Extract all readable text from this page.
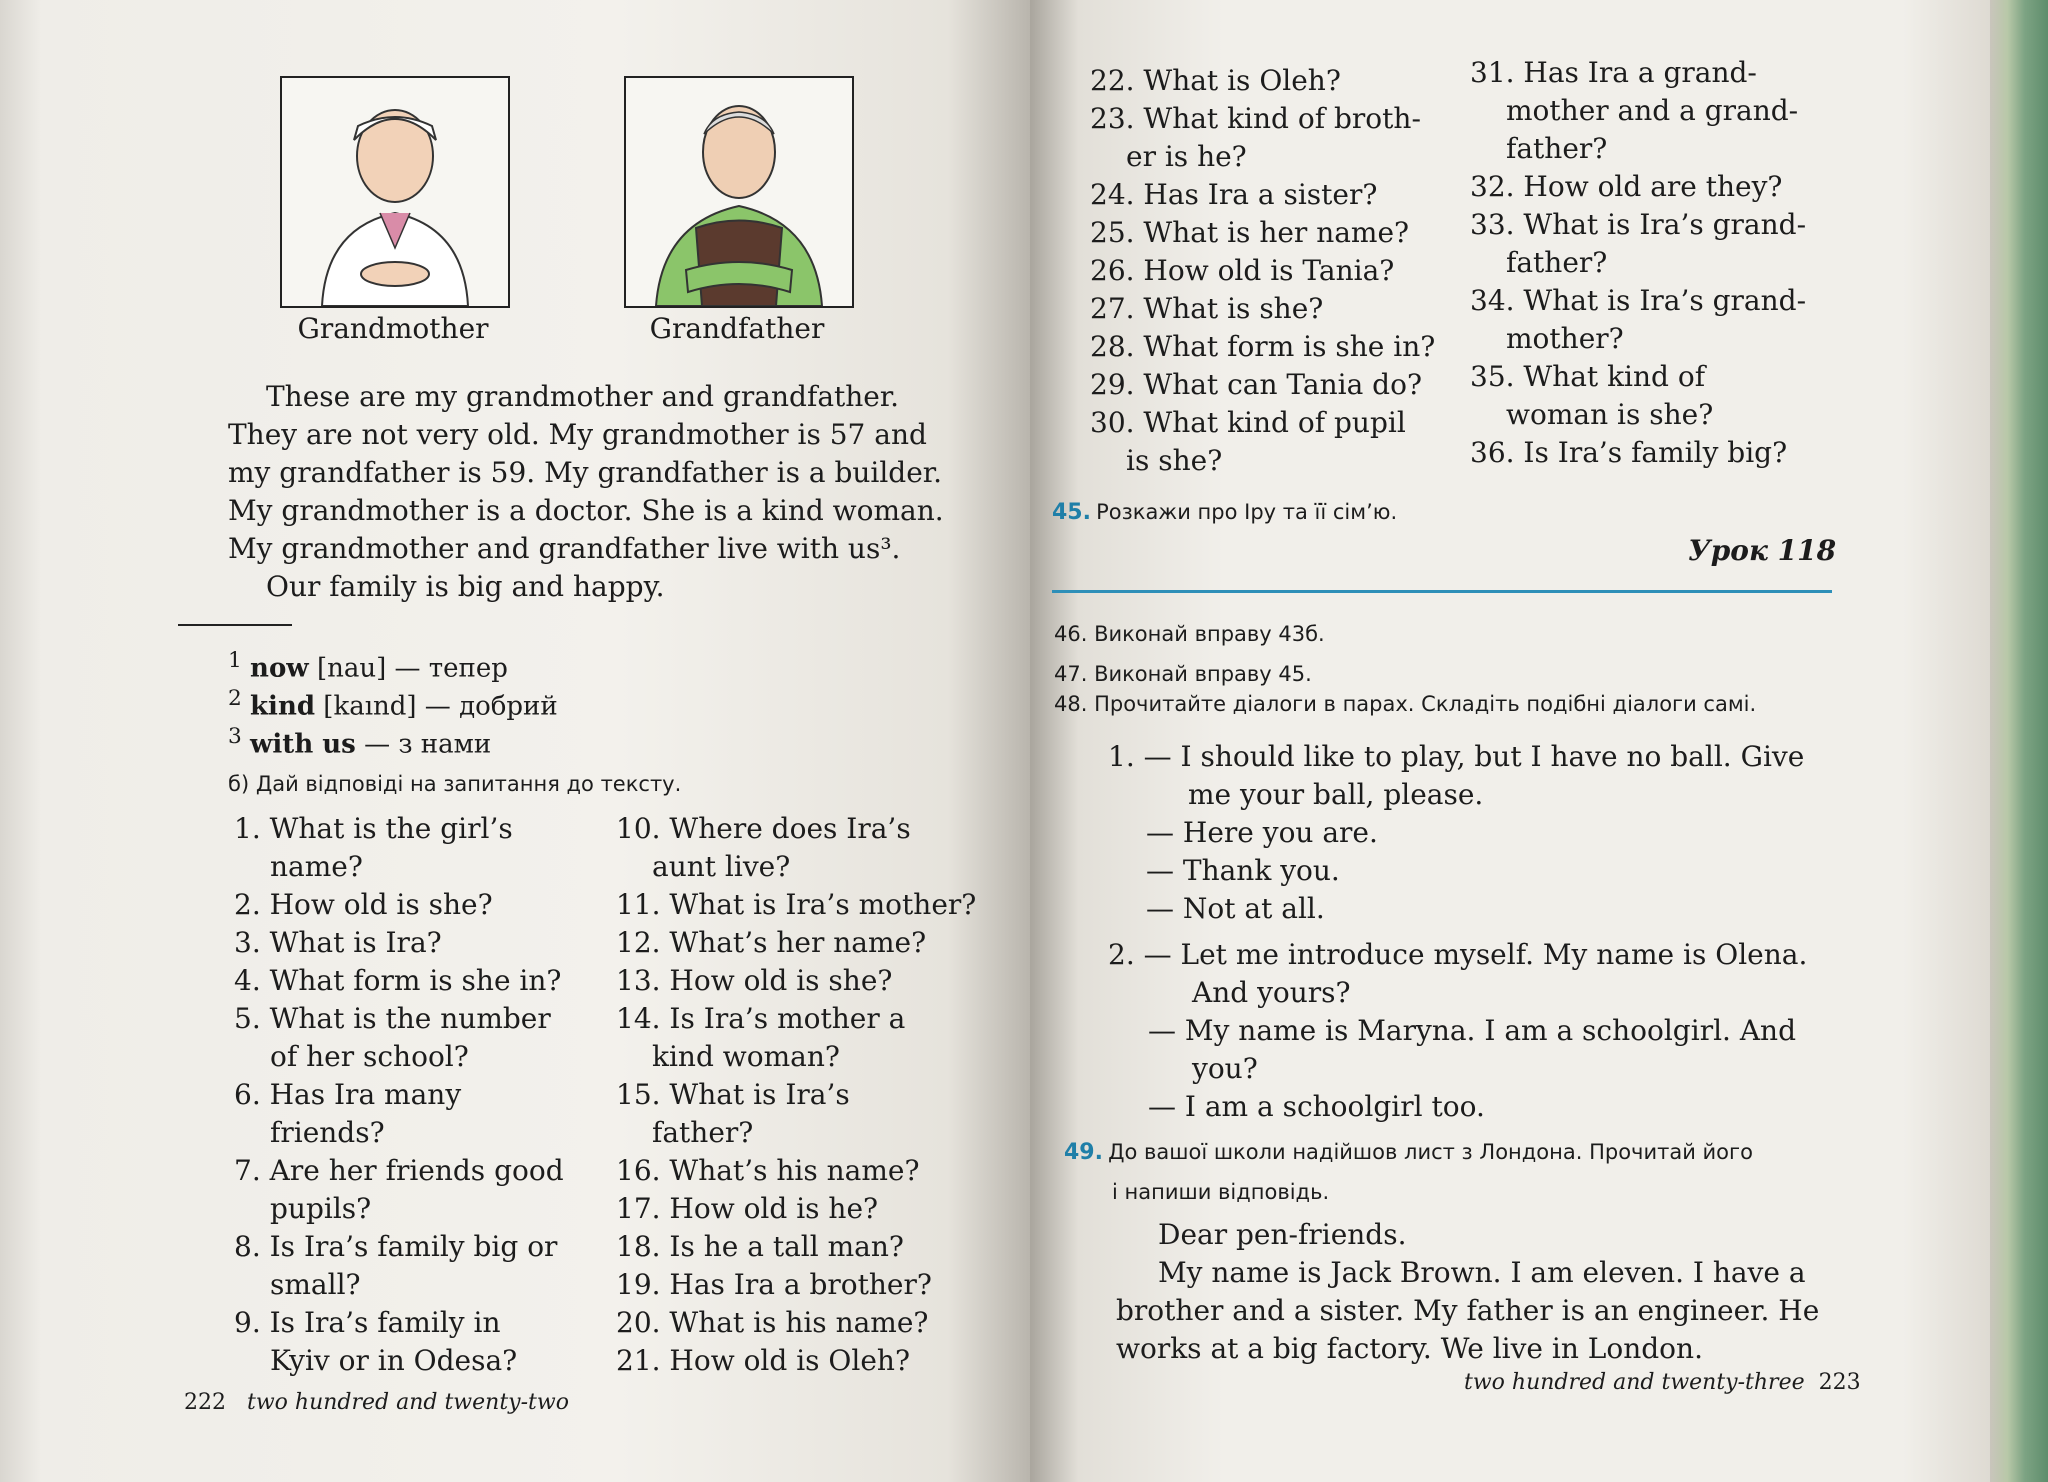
Grandmother	Grandfather
These are my grandmother and grandfather.
They are not very old. My grandmother is 57 and
my grandfather is 59. My grandfather is a builder.
My grandmother is a doctor. She is a kind woman.
My grandmother and grandfather live with us³.
Our family is big and happy.
$^1$ now [nau] — тепер
$^2$ kind [kaınd] — добрий
$^3$ with us — з нами
б) Дай відповіді на запитання до тексту.
1. What is the girl’s
name?
2. How old is she?
3. What is Ira?
4. What form is she in?
5. What is the number
of her school?
6. Has Ira many
friends?
7. Are her friends good
pupils?
8. Is Ira’s family big or
small?
9. Is Ira’s family in
Kyiv or in Odesa?
10. Where does Ira’s
aunt live?
11. What is Ira’s mother?
12. What’s her name?
13. How old is she?
14. Is Ira’s mother a
kind woman?
15. What is Ira’s
father?
16. What’s his name?
17. How old is he?
18. Is he a tall man?
19. Has Ira a brother?
20. What is his name?
21. How old is Oleh?
222 two hundred and twenty-two
22. What is Oleh?
23. What kind of broth-
er is he?
24. Has Ira a sister?
25. What is her name?
26. How old is Tania?
27. What is she?
28. What form is she in?
29. What can Tania do?
30. What kind of pupil
is she?
31. Has Ira a grand-
mother and a grand-
father?
32. How old are they?
33. What is Ira’s grand-
father?
34. What is Ira’s grand-
mother?
35. What kind of
woman is she?
36. Is Ira’s family big?
45. Розкажи про Іру та її сім’ю.
Урок 118
46. Виконай вправу 43б.
47. Виконай вправу 45.
48. Прочитайте діалоги в парах. Складіть подібні діалоги самі.
1. — I should like to play, but I have no ball. Give
me your ball, please.
— Here you are.
— Thank you.
— Not at all.
2. — Let me introduce myself. My name is Olena.
And yours?
— My name is Maryna. I am a schoolgirl. And
you?
— I am a schoolgirl too.
49. До вашої школи надійшов лист з Лондона. Прочитай його
і напиши відповідь.
Dear pen-friends.
My name is Jack Brown. I am eleven. I have a
brother and a sister. My father is an engineer. He
works at a big factory. We live in London.
two hundred and twenty-three 223
